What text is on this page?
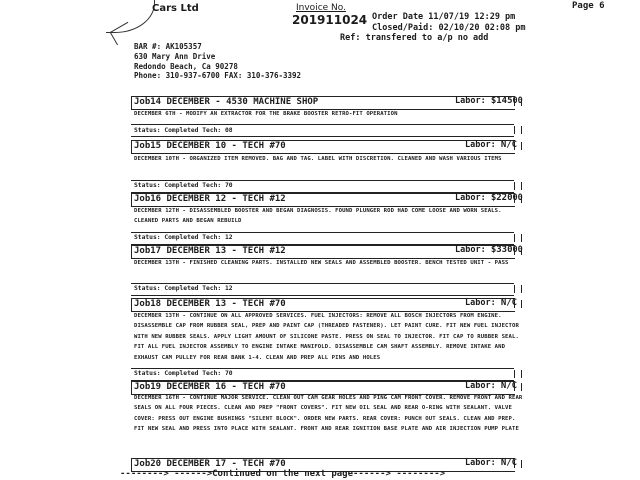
Cars Ltd	Invoice No.
201911024
Page 6
Order Date 11/07/19 12:29 pm
Closed/Paid: 02/10/20 02:08 pm
Ref: transfered to a/p no add
BAR #: AK105357
630 Mary Ann Drive
Redondo Beach, Ca 90278
Phone: 310-937-6700 FAX: 310-376-3392
Job14 DECEMBER - 4530 MACHINE SHOP	Labor: $14500
DECEMBER 6TH - MODIFY AN EXTRACTOR FOR THE BRAKE BOOSTER RETRO-FIT OPERATION
Status: Completed Tech: 08
Job15 DECEMBER 10 - TECH #70	Labor: N/C
DECEMBER 10TH - ORGANIZED ITEM REMOVED. BAG AND TAG. LABEL WITH DISCRETION. CLEANED AND WASH VARIOUS ITEMS
Status: Completed Tech: 70
Job16 DECEMBER 12 - TECH #12	Labor: $22000
DECEMBER 12TH - DISASSEMBLED BOOSTER AND BEGAN DIAGNOSIS. FOUND PLUNGER ROD HAD COME LOOSE AND WORN SEALS. CLEANED PARTS AND BEGAN REBUILD
Status: Completed Tech: 12
Job17 DECEMBER 13 - TECH #12	Labor: $33000
DECEMBER 13TH - FINISHED CLEANING PARTS. INSTALLED NEW SEALS AND ASSEMBLED BOOSTER. BENCH TESTED UNIT - PASS
Status: Completed Tech: 12
Job18 DECEMBER 13 - TECH #70	Labor: N/C
DECEMBER 13TH - CONTINUE ON ALL APPROVED SERVICES. FUEL INJECTORS: REMOVE ALL BOSCH INJECTORS FROM ENGINE. DISASSEMBLE CAP FROM RUBBER SEAL, PREP AND PAINT CAP (THREADED FASTENER). LET PAINT CURE. FIT NEW FUEL INJECTOR WITH NEW RUBBER SEALS. APPLY LIGHT AMOUNT OF SILICONE PASTE. PRESS ON SEAL TO INJECTOR. FIT CAP TO RUBBER SEAL. FIT ALL FUEL INJECTOR ASSEMBLY TO ENGINE INTAKE MANIFOLD. DISASSEMBLE CAM SHAFT ASSEMBLY. REMOVE INTAKE AND EXHAUST CAM PULLEY FOR REAR BANK 1-4. CLEAN AND PREP ALL PINS AND HOLES
Status: Completed Tech: 70
Job19 DECEMBER 16 - TECH #70	Labor: N/C
DECEMBER 16TH - CONTINUE MAJOR SERVICE. CLEAN OUT CAM GEAR HOLES AND PING CAM FRONT COVER. REMOVE FRONT AND REAR SEALS ON ALL FOUR PIECES. CLEAN AND PREP "FRONT COVERS". FIT NEW OIL SEAL AND REAR O-RING WITH SEALANT. VALVE COVER: PRESS OUT ENGINE BUSHINGS "SILENT BLOCK". ORDER NEW PARTS. REAR COVER: PUNCH OUT SEALS. CLEAN AND PREP. FIT NEW SEAL AND PRESS INTO PLACE WITH SEALANT. FRONT AND REAR IGNITION BASE PLATE AND AIR INJECTION PUMP PLATE
Job20 DECEMBER 17 - TECH #70	Labor: N/C
--------> ------>Continued on the next page------> -------->
